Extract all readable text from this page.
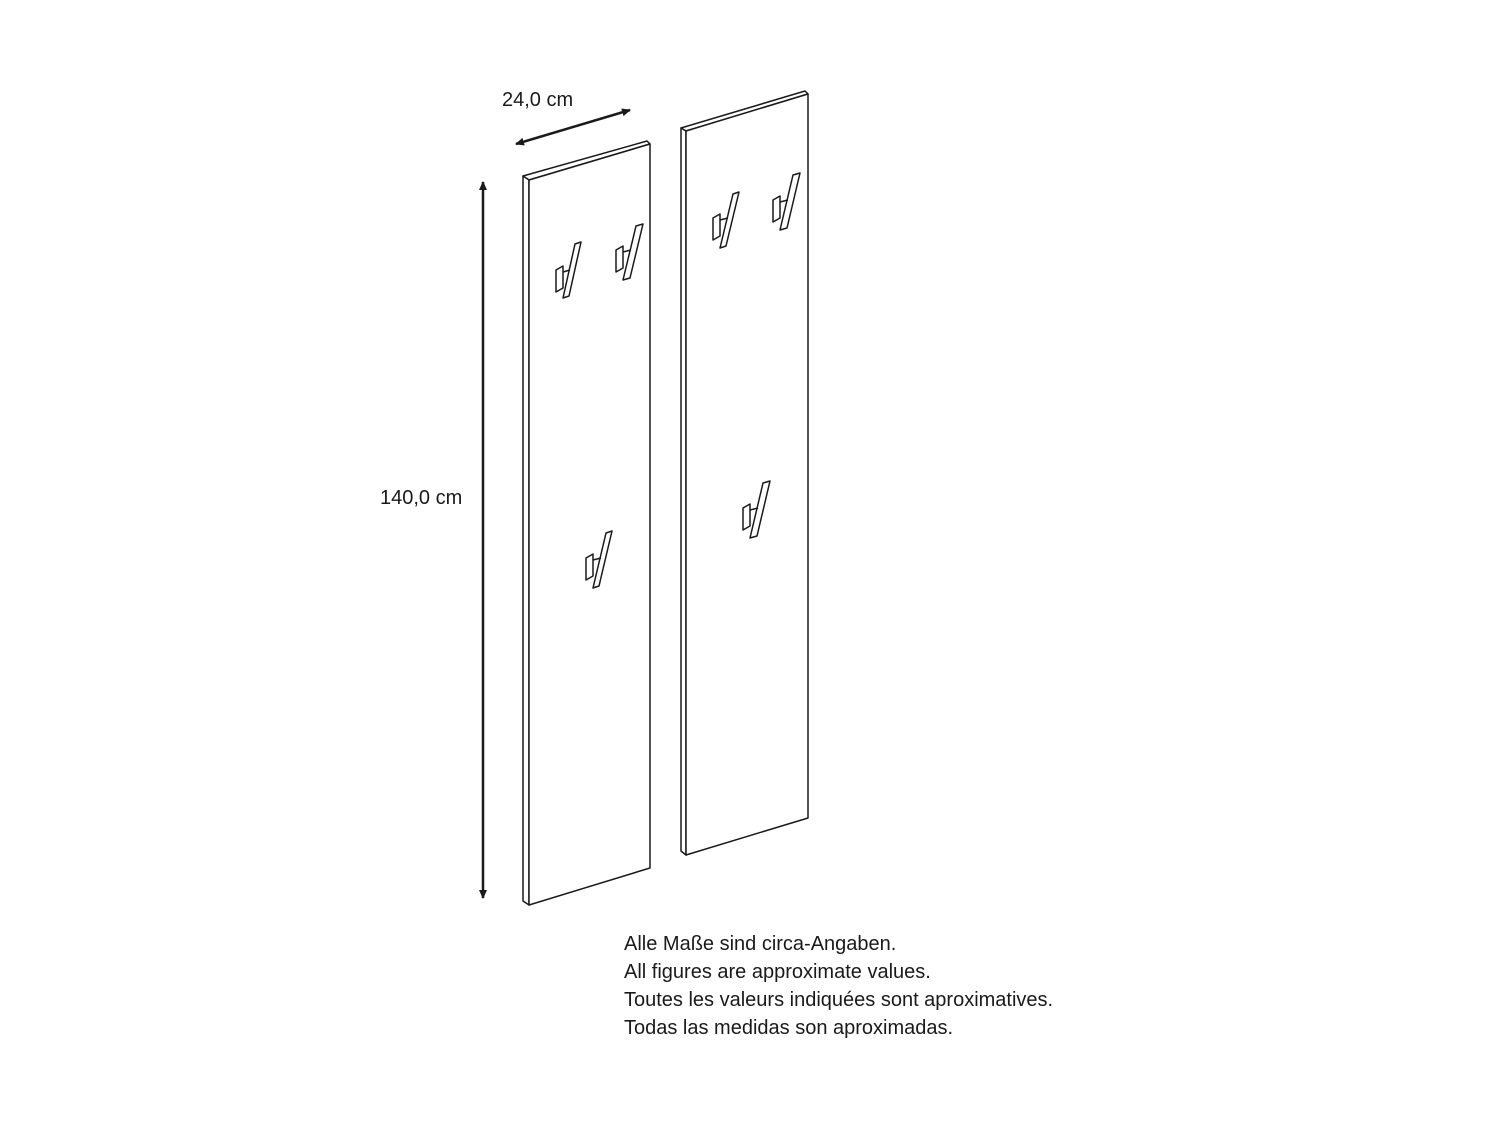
24,0 cm
140,0 cm
Alle Maße sind circa-Angaben.
All figures are approximate values.
Toutes les valeurs indiquées sont aproximatives.
Todas las medidas son aproximadas.
